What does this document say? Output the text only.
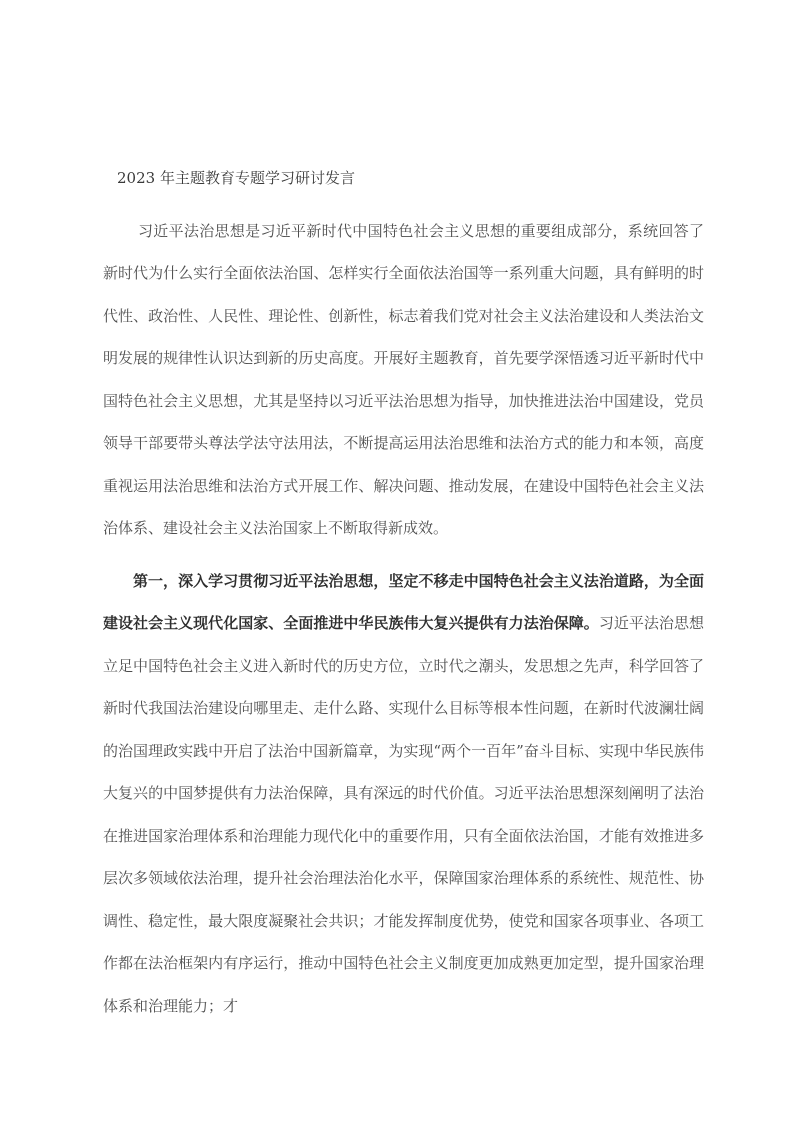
2023 年主题教育专题学习研讨发言

习近平法治思想是习近平新时代中国特色社会主义思想的重要组成部分，系统回答了新时代为什么实行全面依法治国、怎样实行全面依法治国等一系列重大问题，具有鲜明的时代性、政治性、人民性、理论性、创新性，标志着我们党对社会主义法治建设和人类法治文明发展的规律性认识达到新的历史高度。开展好主题教育，首先要学深悟透习近平新时代中国特色社会主义思想，尤其是坚持以习近平法治思想为指导，加快推进法治中国建设，党员领导干部要带头尊法学法守法用法，不断提高运用法治思维和法治方式的能力和本领，高度重视运用法治思维和法治方式开展工作、解决问题、推动发展，在建设中国特色社会主义法治体系、建设社会主义法治国家上不断取得新成效。

第一，深入学习贯彻习近平法治思想，坚定不移走中国特色社会主义法治道路，为全面建设社会主义现代化国家、全面推进中华民族伟大复兴提供有力法治保障。习近平法治思想立足中国特色社会主义进入新时代的历史方位，立时代之潮头，发思想之先声，科学回答了新时代我国法治建设向哪里走、走什么路、实现什么目标等根本性问题，在新时代波澜壮阔的治国理政实践中开启了法治中国新篇章，为实现“两个一百年”奋斗目标、实现中华民族伟大复兴的中国梦提供有力法治保障，具有深远的时代价值。习近平法治思想深刻阐明了法治在推进国家治理体系和治理能力现代化中的重要作用，只有全面依法治国，才能有效推进多层次多领域依法治理，提升社会治理法治化水平，保障国家治理体系的系统性、规范性、协调性、稳定性，最大限度凝聚社会共识；才能发挥制度优势，使党和国家各项事业、各项工作都在法治框架内有序运行，推动中国特色社会主义制度更加成熟更加定型，提升国家治理体系和治理能力；才
